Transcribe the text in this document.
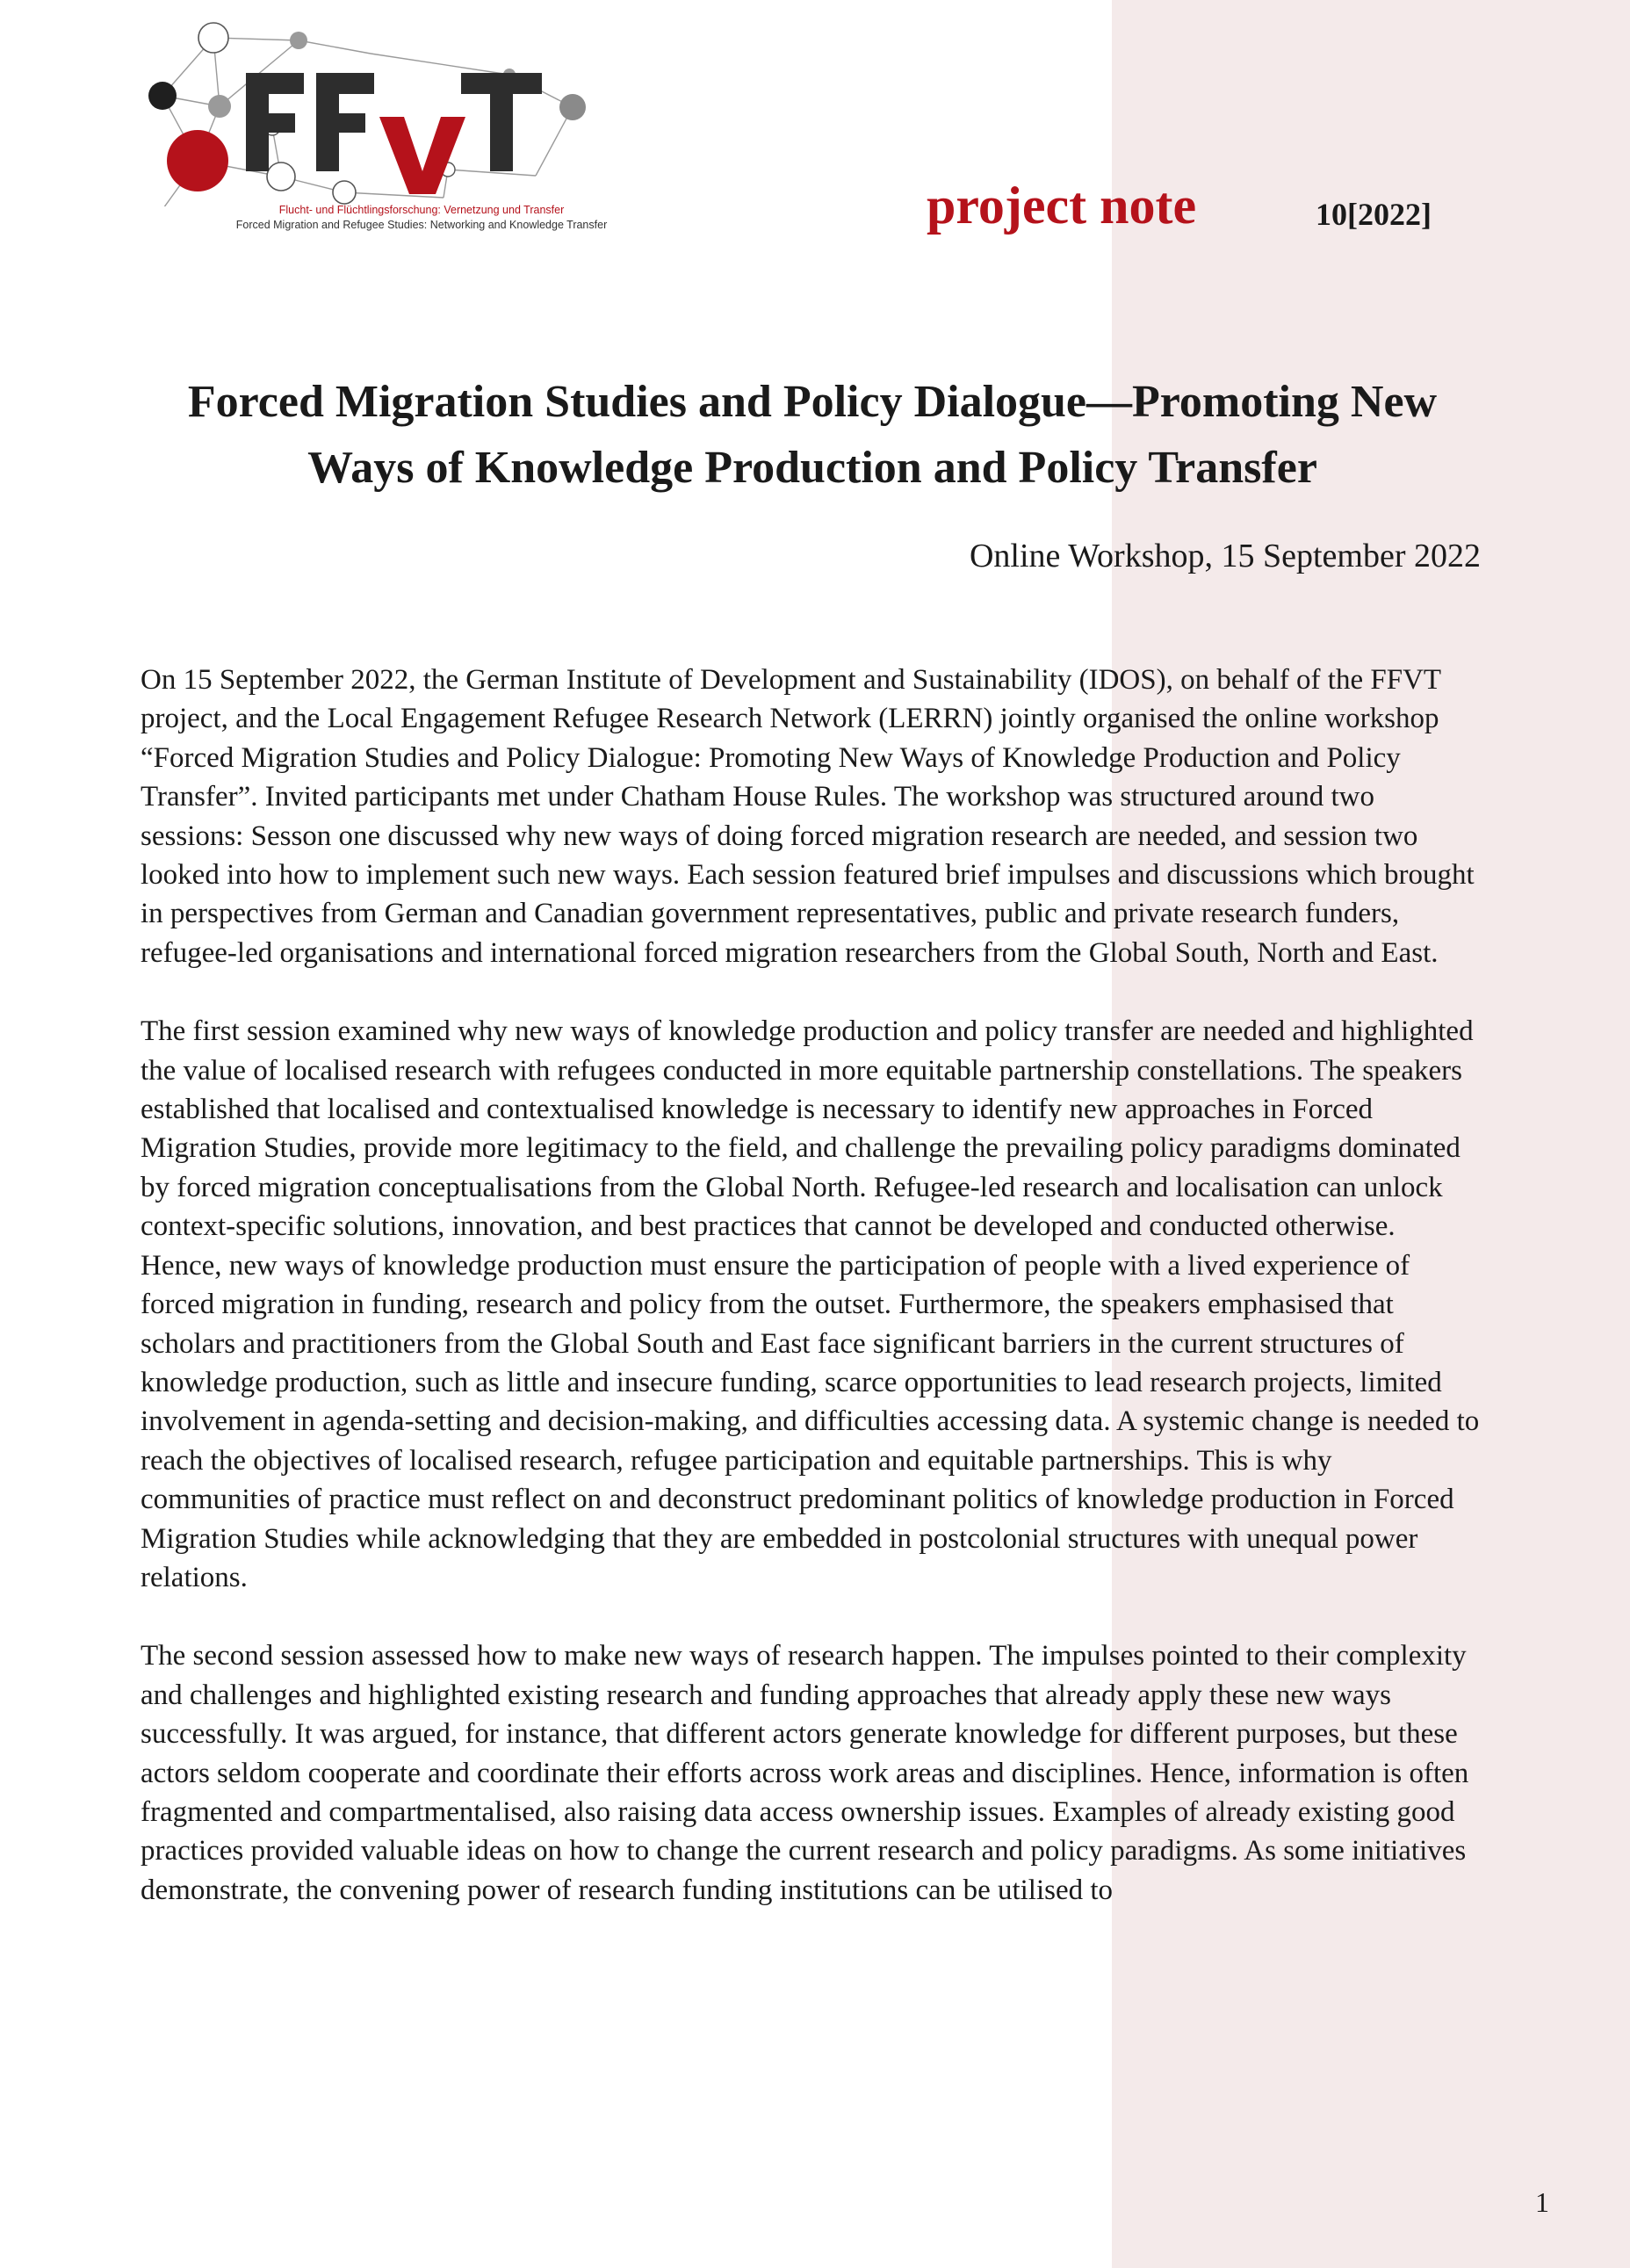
Flucht- und Flüchtlingsforschung: Vernetzung und Transfer
Forced Migration and Refugee Studies: Networking and Knowledge Transfer	project note	10[2022]
Forced Migration Studies and Policy Dialogue—Promoting New Ways of Knowledge Production and Policy Transfer
Online Workshop, 15 September 2022

On 15 September 2022, the German Institute of Development and Sustainability (IDOS), on behalf of the FFVT project, and the Local Engagement Refugee Research Network (LERRN) jointly organised the online workshop “Forced Migration Studies and Policy Dialogue: Promoting New Ways of Knowledge Production and Policy Transfer”. Invited participants met under Chatham House Rules. The workshop was structured around two sessions: Sesson one discussed why new ways of doing forced migration research are needed, and session two looked into how to implement such new ways. Each session featured brief impulses and discussions which brought in perspectives from German and Canadian government representatives, public and private research funders, refugee-led organisations and international forced migration researchers from the Global South, North and East.

The first session examined why new ways of knowledge production and policy transfer are needed and highlighted the value of localised research with refugees conducted in more equitable partnership constellations. The speakers established that localised and contextualised knowledge is necessary to identify new approaches in Forced Migration Studies, provide more legitimacy to the field, and challenge the prevailing policy paradigms dominated by forced migration conceptualisations from the Global North. Refugee-led research and localisation can unlock context-specific solutions, innovation, and best practices that cannot be developed and conducted otherwise. Hence, new ways of knowledge production must ensure the participation of people with a lived experience of forced migration in funding, research and policy from the outset. Furthermore, the speakers emphasised that scholars and practitioners from the Global South and East face significant barriers in the current structures of knowledge production, such as little and insecure funding, scarce opportunities to lead research projects, limited involvement in agenda-setting and decision-making, and difficulties accessing data. A systemic change is needed to reach the objectives of localised research, refugee participation and equitable partnerships. This is why communities of practice must reflect on and deconstruct predominant politics of knowledge production in Forced Migration Studies while acknowledging that they are embedded in postcolonial structures with unequal power relations.

The second session assessed how to make new ways of research happen. The impulses pointed to their complexity and challenges and highlighted existing research and funding approaches that already apply these new ways successfully. It was argued, for instance, that different actors generate knowledge for different purposes, but these actors seldom cooperate and coordinate their efforts across work areas and disciplines. Hence, information is often fragmented and compartmentalised, also raising data access ownership issues. Examples of already existing good practices provided valuable ideas on how to change the current research and policy paradigms. As some initiatives demonstrate, the convening power of research funding institutions can be utilised to

1
